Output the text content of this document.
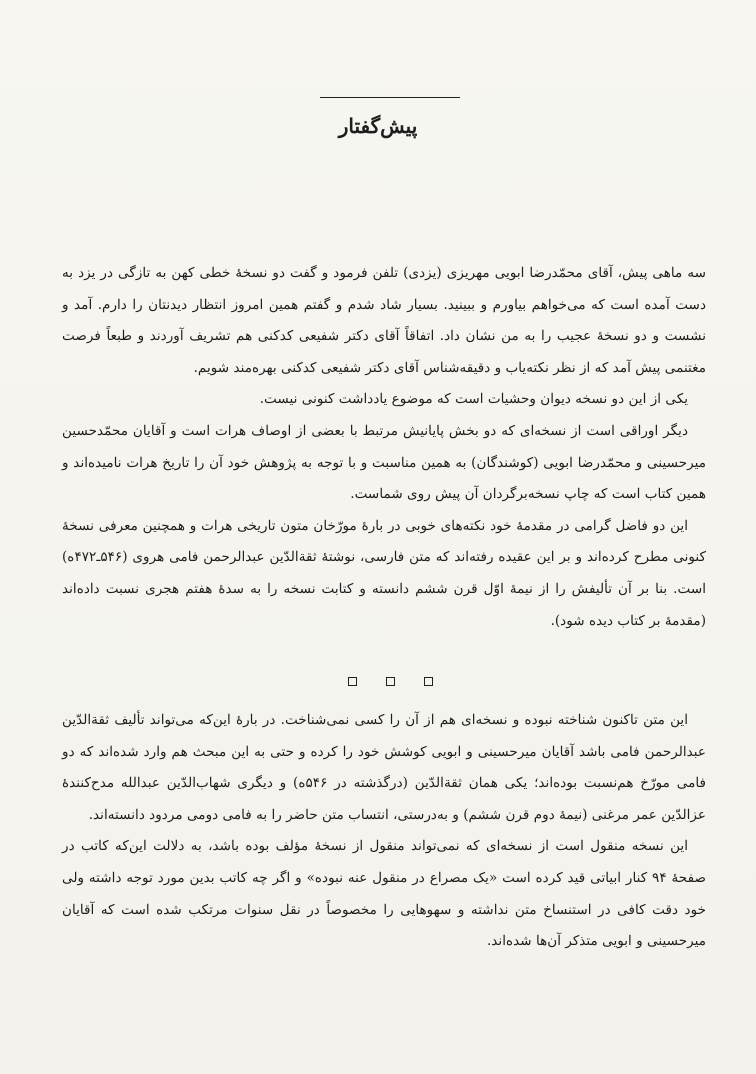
پیش‌گفتار

سه ماهی پیش، آقای محمّدرضا ابویی مهریزی (یزدی) تلفن فرمود و گفت دو نسخهٔ خطی کهن به تازگی در یزد به دست آمده است که می‌خواهم بیاورم و ببینید. بسیار شاد شدم و گفتم همین امروز انتظار دیدنتان را دارم. آمد و نشست و دو نسخهٔ عجیب را به من نشان داد. اتفاقاً آقای دکتر شفیعی کدکنی هم تشریف آوردند و طبعاً فرصت مغتنمی پیش آمد که از نظر نکته‌یاب و دقیقه‌شناس آقای دکتر شفیعی کدکنی بهره‌مند شویم.

یکی از این دو نسخه دیوان وحشیات است که موضوع یادداشت کنونی نیست.

دیگر اوراقی است از نسخه‌ای که دو بخش پایانیش مرتبط با بعضی از اوصاف هرات است و آقایان محمّدحسین میرحسینی و محمّدرضا ابویی (کوشندگان) به همین مناسبت و با توجه به پژوهش خود آن را تاریخ هرات نامیده‌اند و همین کتاب است که چاپ نسخه‌برگردان آن پیش روی شماست.

این دو فاضل گرامی در مقدمهٔ خود نکته‌های خوبی در بارهٔ مورّخان متون تاریخی هرات و همچنین معرفی نسخهٔ کنونی مطرح کرده‌اند و بر این عقیده رفته‌اند که متن فارسی، نوشتهٔ ثقة‌الدّین عبدالرحمن فامی هروی (۵۴۶ـ۴۷۲ه) است. بنا بر آن تألیفش را از نیمهٔ اوّل قرن ششم دانسته و کتابت نسخه را به سدهٔ هفتم هجری نسبت داده‌اند (مقدمهٔ بر کتاب دیده شود).

این متن تاکنون شناخته نبوده و نسخه‌ای هم از آن را کسی نمی‌شناخت. در بارهٔ این‌که می‌تواند تألیف ثقة‌الدّین عبدالرحمن فامی باشد آقایان میرحسینی و ابویی کوشش خود را کرده و حتی به این مبحث هم وارد شده‌اند که دو فامی مورّخ هم‌نسبت بوده‌اند؛ یکی همان ثقة‌الدّین (درگذشته در ۵۴۶ه) و دیگری شهاب‌الدّین عبدالله مدح‌کنندهٔ عزالدّین عمر مرغنی (نیمهٔ دوم قرن ششم) و به‌درستی، انتساب متن حاضر را به فامی دومی مردود دانسته‌اند.

این نسخه منقول است از نسخه‌ای که نمی‌تواند منقول از نسخهٔ مؤلف بوده باشد، به دلالت این‌که کاتب در صفحهٔ ۹۴ کنار ابیاتی قید کرده است «یک مصراع در منقول عنه نبوده» و اگر چه کاتب بدین مورد توجه داشته ولی خود دقت کافی در استنساخ متن نداشته و سهوهایی را مخصوصاً در نقل سنوات مرتکب شده است که آقایان میرحسینی و ابویی متذکر آن‌ها شده‌اند.
